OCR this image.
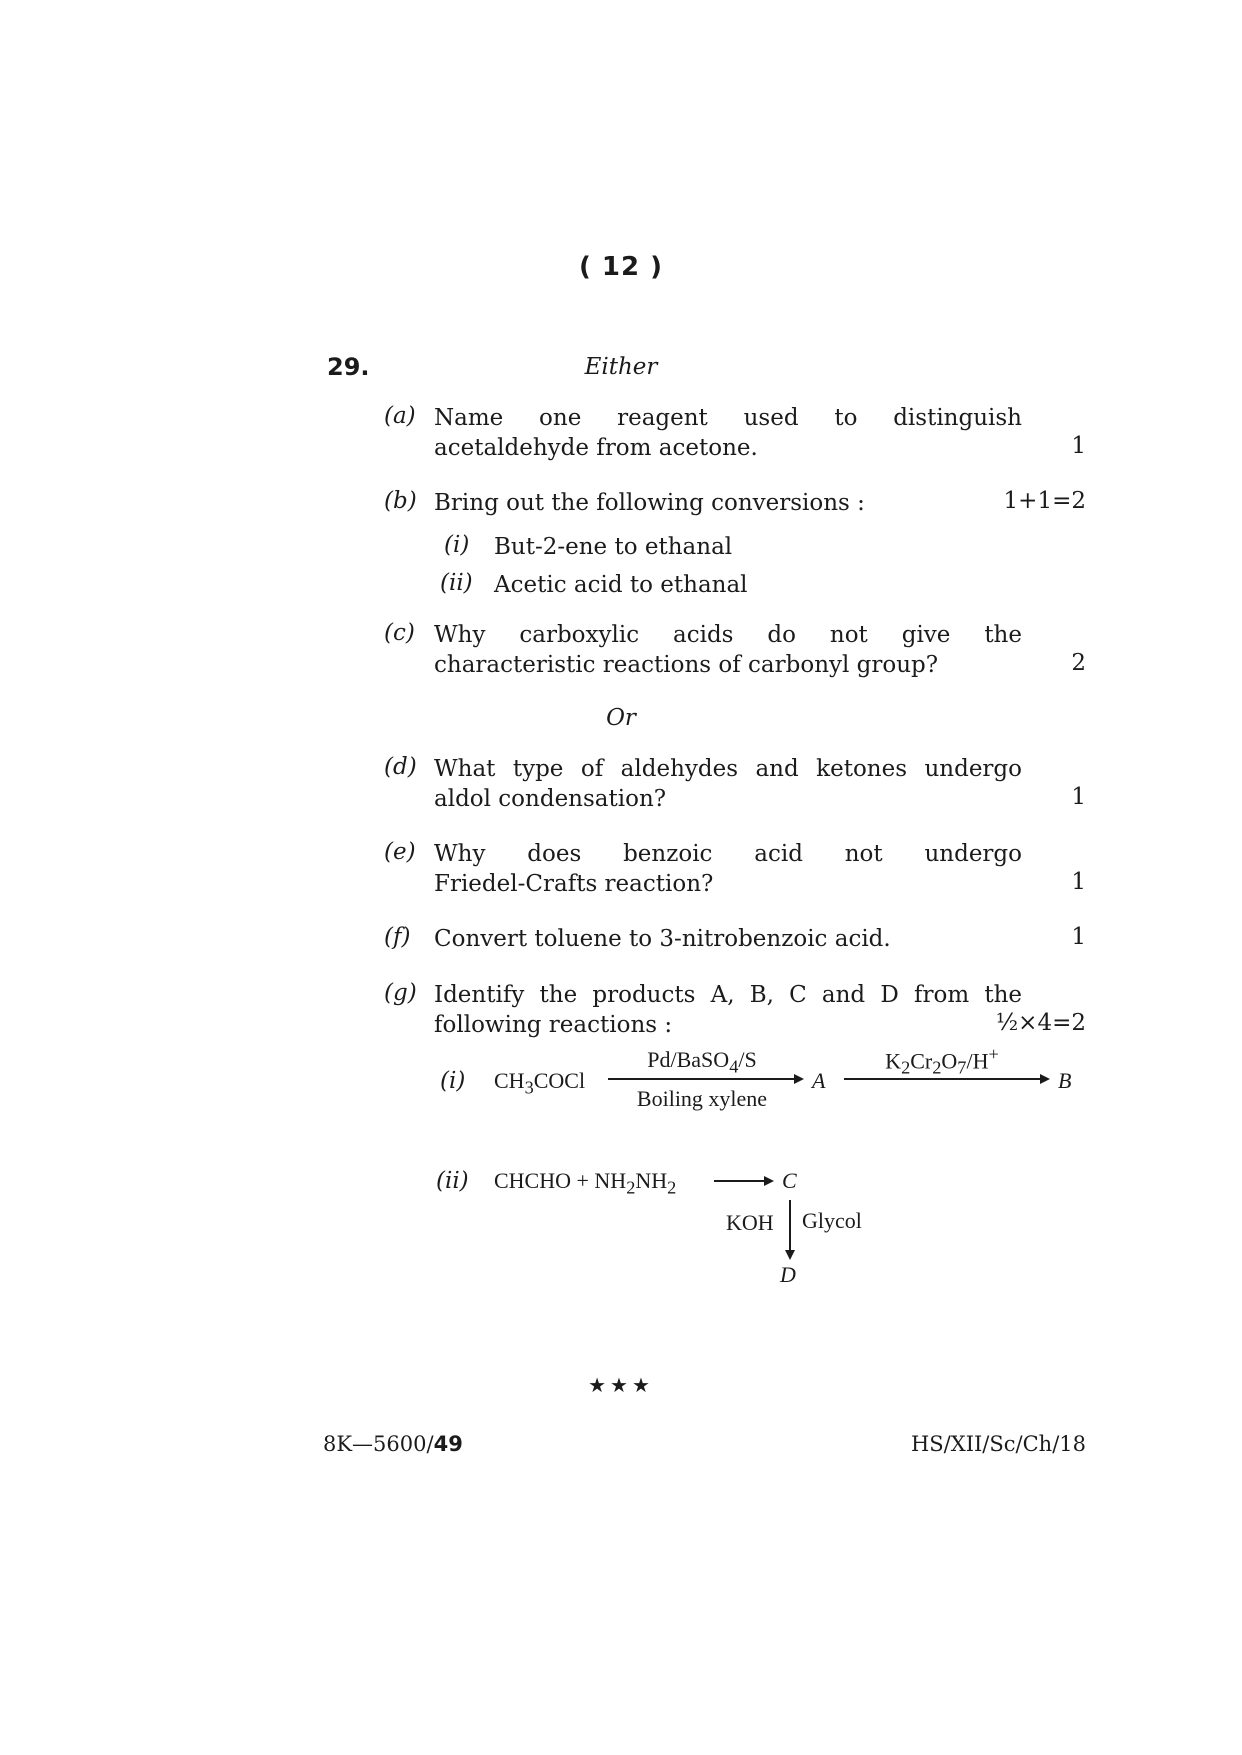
( 12 )
29.	Either
(a) Name one reagent used to distinguish
acetaldehyde from acetone.	1
(b) Bring out the following conversions :	1+1=2
(i) But-2-ene to ethanal
(ii) Acetic acid to ethanal
(c) Why carboxylic acids do not give the
characteristic reactions of carbonyl group?	2
Or
(d) What type of aldehydes and ketones undergo
aldol condensation?	1
(e) Why does benzoic acid not undergo
Friedel-Crafts reaction?	1
(f) Convert toluene to 3-nitrobenzoic acid.	1
(g) Identify the products A, B, C and D from the
following reactions :	½×4=2
(i) $CH_3COCl$
Pd/BaSO$_4$/S
Boiling xylene
A
$K_2Cr_2O_7/H^+$
B
(ii) CHCHO + $NH_2NH_2$	C
KOH Glycol
D
★★★
8K—5600/49	HS/XII/Sc/Ch/18
